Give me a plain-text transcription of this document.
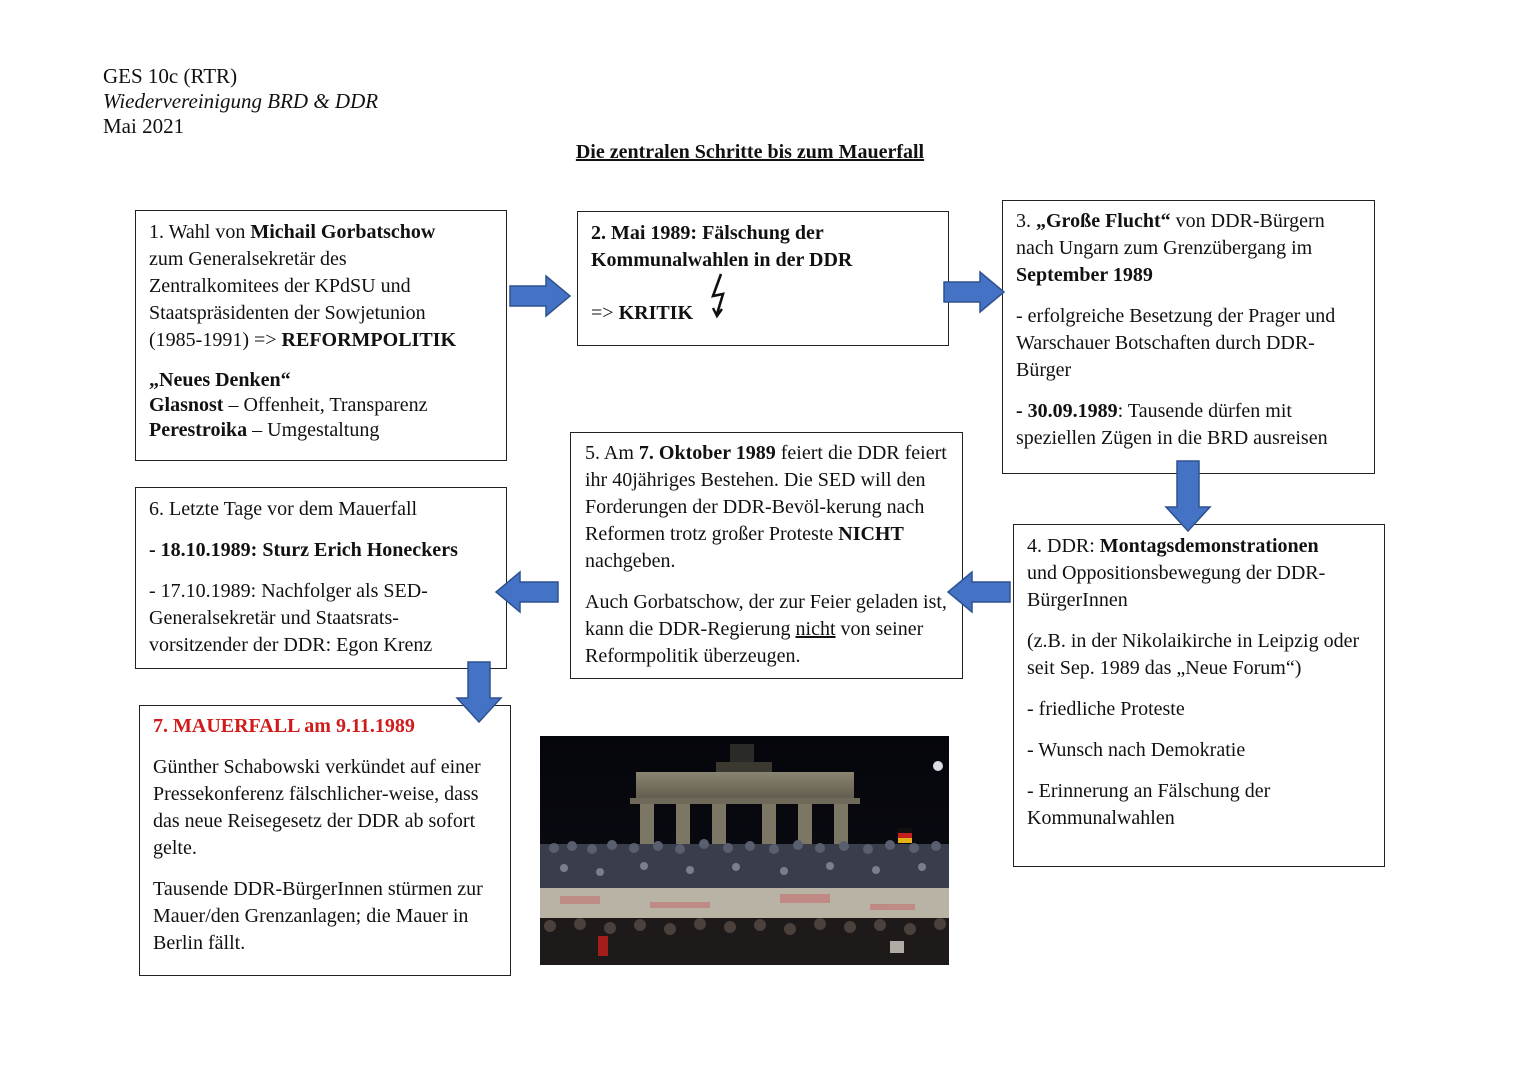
GES 10c (RTR)
Wiedervereinigung BRD & DDR
Mai 2021
Die zentralen Schritte bis zum Mauerfall

1. Wahl von Michail Gorbatschow

zum Generalsekretär des

Zentralkomitees der KPdSU und

Staatspräsidenten der Sowjetunion

(1985-1991) => REFORMPOLITIK

„Neues Denken“

Glasnost – Offenheit, Transparenz

Perestroika – Umgestaltung

2. Mai 1989: Fälschung der

Kommunalwahlen in der DDR

=> KRITIK

3. „Große Flucht“ von DDR-Bürgern

nach Ungarn zum Grenzübergang im

September 1989

- erfolgreiche Besetzung der Prager und Warschauer Botschaften durch DDR-Bürger

- 30.09.1989: Tausende dürfen mit speziellen Zügen in die BRD ausreisen

4. DDR: Montagsdemonstrationen

und Oppositionsbewegung der DDR-BürgerInnen

(z.B. in der Nikolaikirche in Leipzig oder seit Sep. 1989 das „Neue Forum“)

- friedliche Proteste

- Wunsch nach Demokratie

- Erinnerung an Fälschung der Kommunalwahlen

5. Am 7. Oktober 1989 feiert die DDR feiert ihr 40jähriges Bestehen. Die SED will den Forderungen der DDR-Bevöl-kerung nach Reformen trotz großer Proteste NICHT nachgeben.

Auch Gorbatschow, der zur Feier geladen ist, kann die DDR-Regierung nicht von seiner Reformpolitik überzeugen.

6. Letzte Tage vor dem Mauerfall

- 18.10.1989: Sturz Erich Honeckers

- 17.10.1989: Nachfolger als SED-Generalsekretär und Staatsrats-vorsitzender der DDR: Egon Krenz

7. MAUERFALL am 9.11.1989

Günther Schabowski verkündet auf einer Pressekonferenz fälschlicher-weise, dass das neue Reisegesetz der DDR ab sofort gelte.

Tausende DDR-BürgerInnen stürmen zur Mauer/den Grenzanlagen; die Mauer in Berlin fällt.
